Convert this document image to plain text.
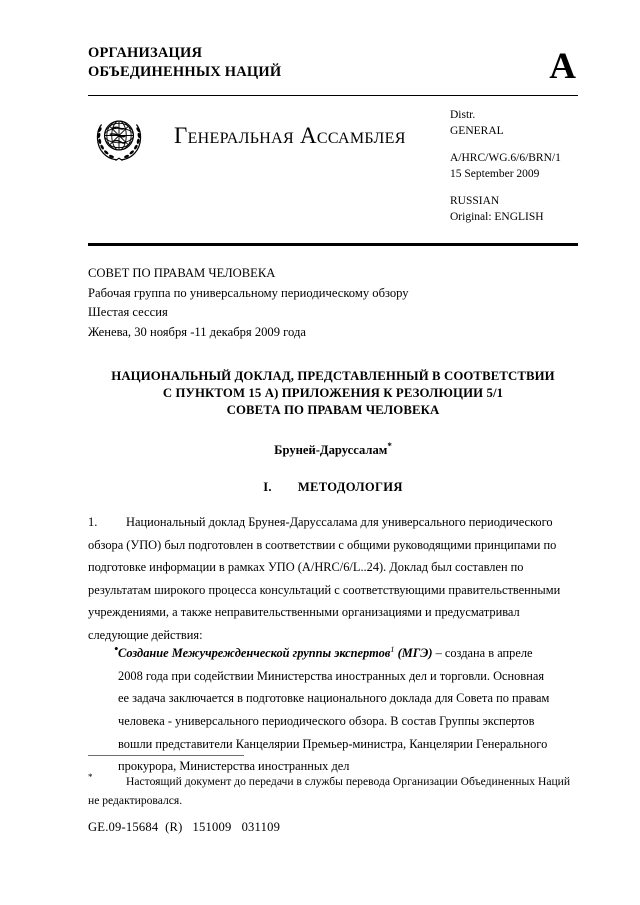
ОРГАНИЗАЦИЯ
ОБЪЕДИНЕННЫХ НАЦИЙ	A
Генеральная Ассамблея
Distr.
GENERAL
A/HRC/WG.6/6/BRN/1
15 September 2009
RUSSIAN
Original: ENGLISH
СОВЕТ ПО ПРАВАМ ЧЕЛОВЕКА
Рабочая группа по универсальному периодическому обзору
Шестая сессия
Женева, 30 ноября -11 декабря 2009 года
НАЦИОНАЛЬНЫЙ ДОКЛАД, ПРЕДСТАВЛЕННЫЙ В СООТВЕТСТВИИ
С ПУНКТОМ 15 A) ПРИЛОЖЕНИЯ К РЕЗОЛЮЦИИ 5/1
СОВЕТА ПО ПРАВАМ ЧЕЛОВЕКА
Бруней-Даруссалам*
I. МЕТОДОЛОГИЯ
1. Национальный доклад Брунея-Даруссалама для универсального периодического обзора (УПО) был подготовлен в соответствии с общими руководящими принципами по подготовке информации в рамках УПО (A/HRC/6/L..24). Доклад был составлен по результатам широкого процесса консультаций с соответствующими правительственными учреждениями, а также неправительственными организациями и предусматривал следующие действия:
• Создание Межучрежденческой группы экспертов$^1$ (МГЭ) – создана в апреле 2008 года при содействии Министерства иностранных дел и торговли. Основная ее задача заключается в подготовке национального доклада для Совета по правам человека - универсального периодического обзора. В состав Группы экспертов вошли представители Канцелярии Премьер-министра, Канцелярии Генерального прокурора, Министерства иностранных дел
*	Настоящий документ до передачи в службы перевода Организации Объединенных Наций не редактировался.
GE.09-15684  (R)   151009   031109
